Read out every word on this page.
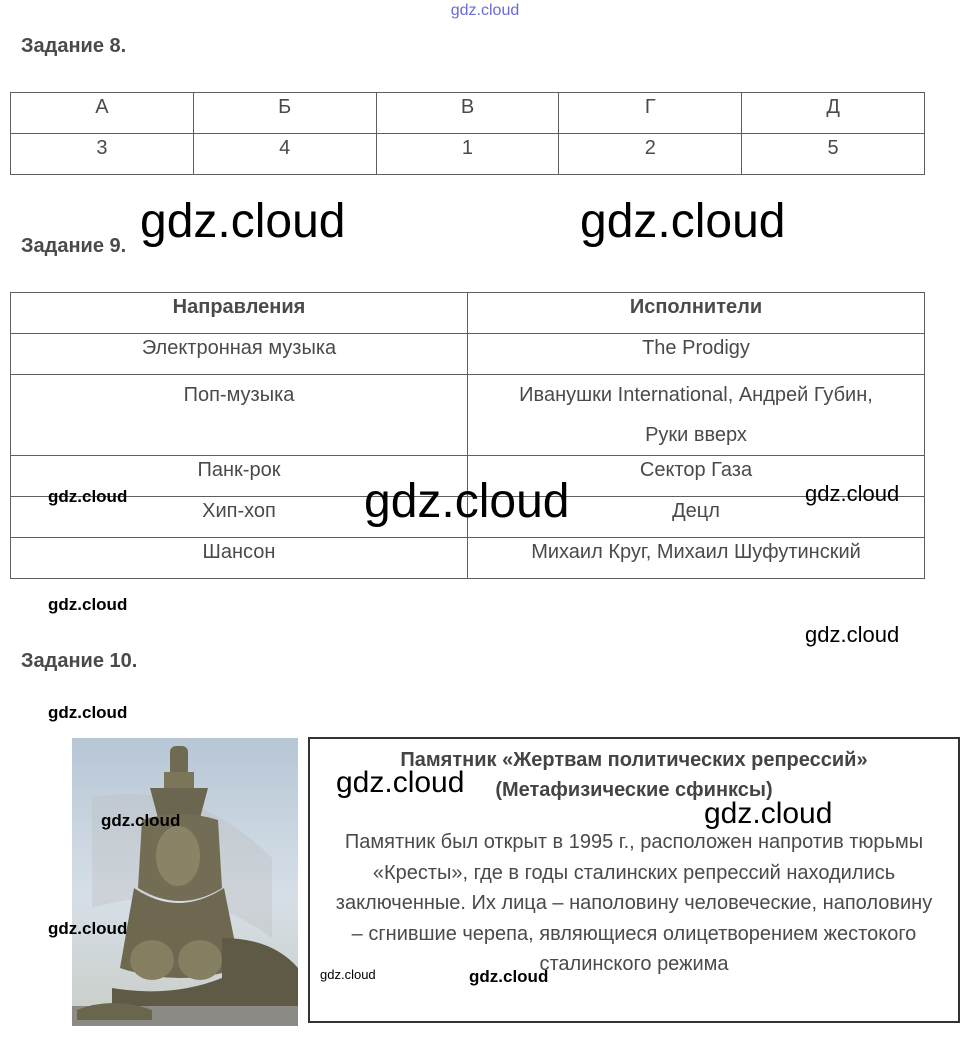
gdz.cloud
Задание 8.
А	Б	В	Г	Д
3	4	1	2	5
Задание 9.
Направления	Исполнители
Электронная музыка	The Prodigy
Поп-музыка	Иванушки International, Андрей Губин,
Руки вверх

Панк-рок	Сектор Газа
Хип-хоп	Децл
Шансон	Михаил Круг, Михаил Шуфутинский
Задание 10.
Памятник «Жертвам политических репрессий»
(Метафизические сфинксы)
Памятник был открыт в 1995 г., расположен напротив тюрьмы «Кресты», где в годы сталинских репрессий находились заключенные. Их лица – наполовину человеческие, наполовину – сгнившие черепа, являющиеся олицетворением жестокого сталинского режима
gdz.cloud	gdz.cloud
gdz.cloud
gdz.cloud	gdz.cloud
gdz.cloud
gdz.cloud
gdz.cloud
gdz.cloud
gdz.cloud
gdz.cloud
gdz.cloud
gdz.cloud	gdz.cloud
